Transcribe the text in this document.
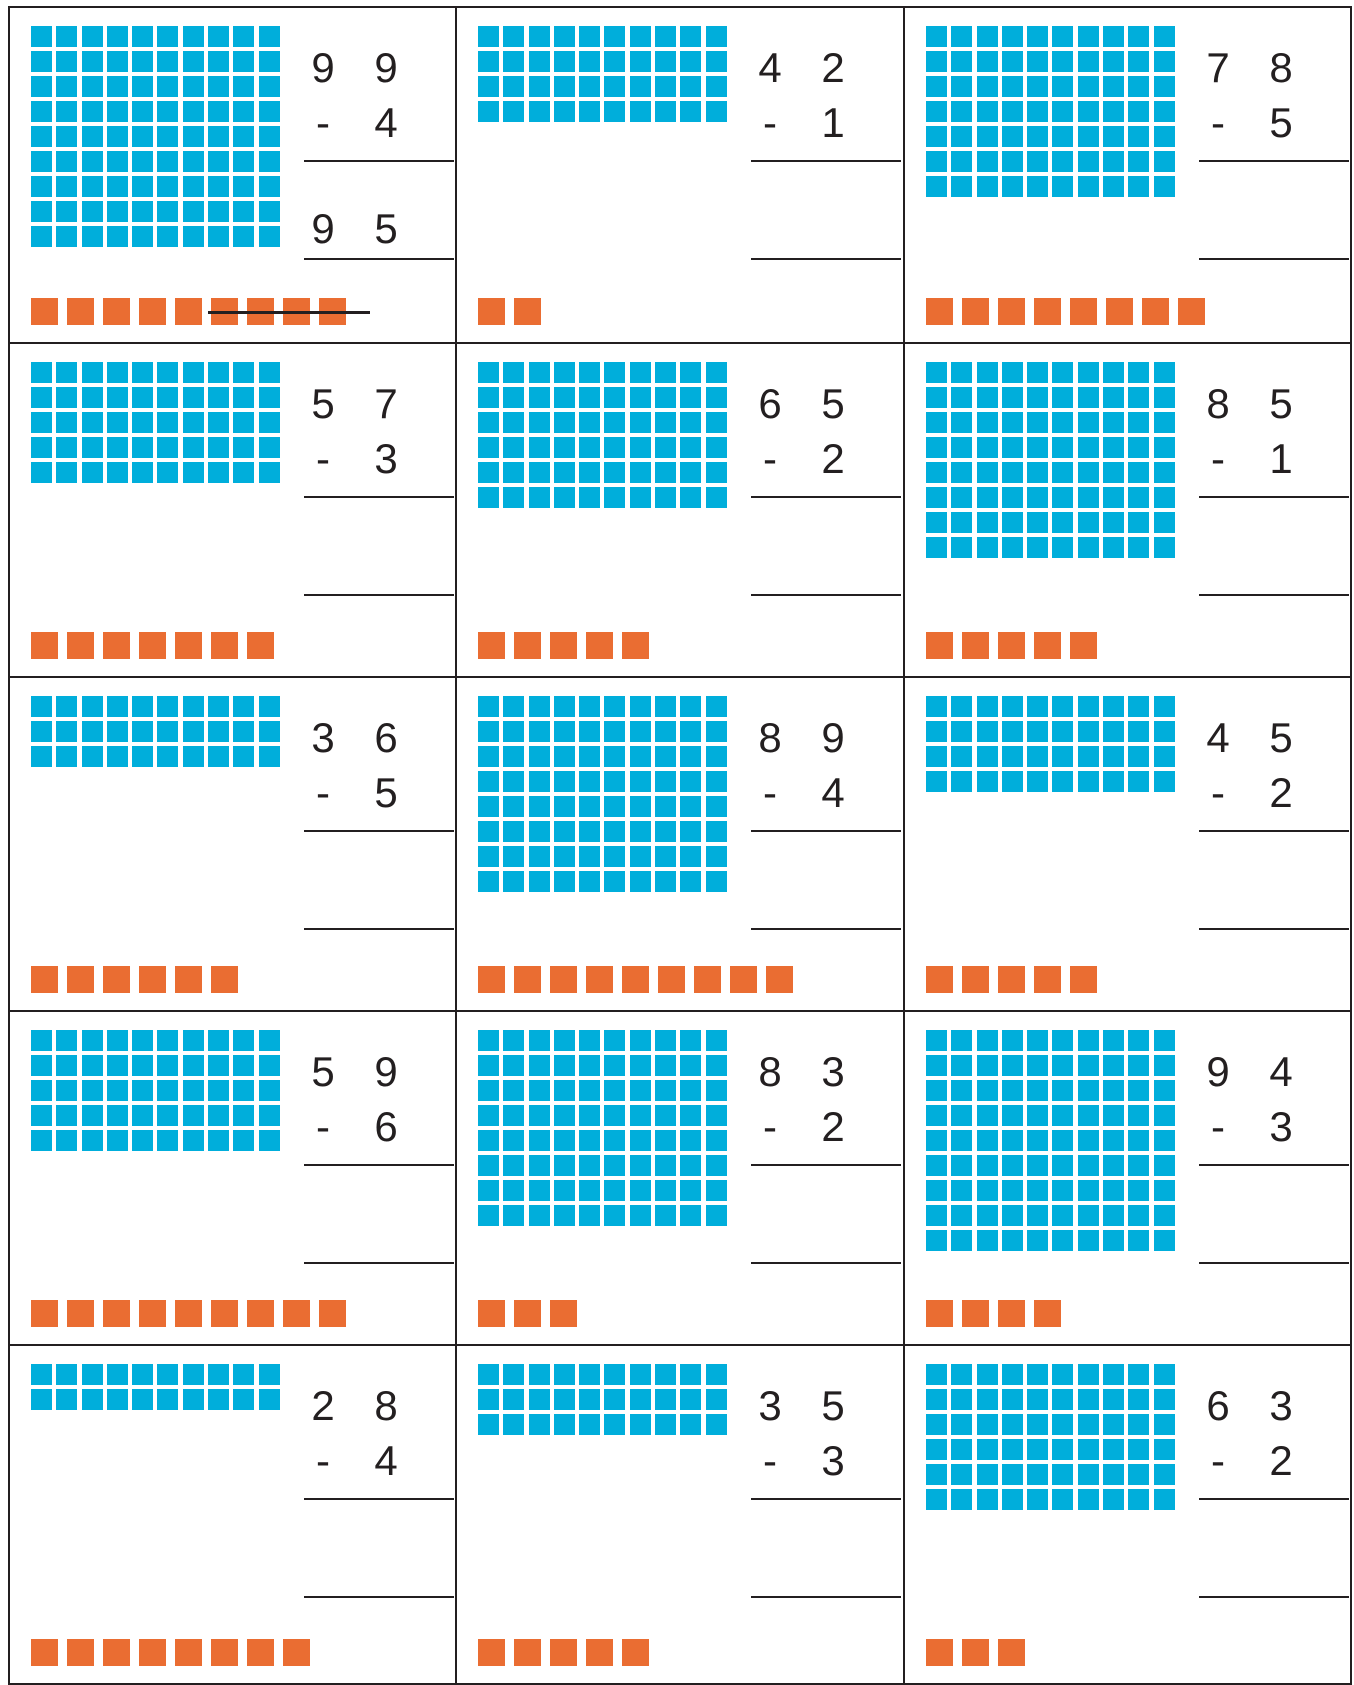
9 9
-	4
9 5
4 2
-	1
7 8
-	5
5 7
-	3
6 5
-	2
8 5
-	1
3 6
-	5
8 9
-	4
4 5
-	2
5 9
-	6
8 3
-	2
9 4
-	3
2 8
-	4
3 5
-	3
6 3
-	2
